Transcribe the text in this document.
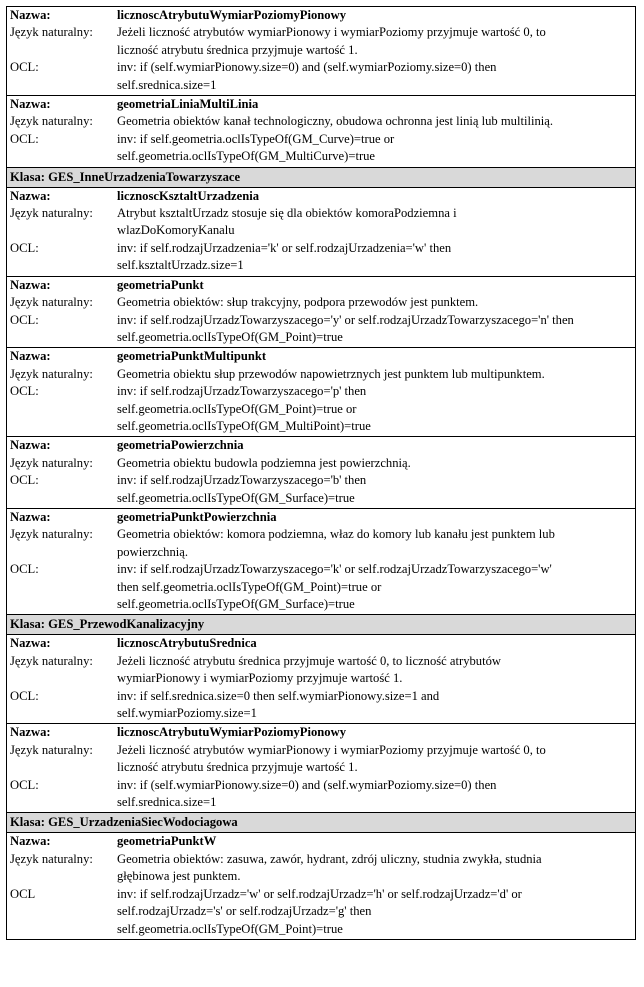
Nazwa:	licznoscAtrybutuWymiarPoziomyPionowy
Język naturalny:	Jeżeli liczność atrybutów wymiarPionowy i wymiarPoziomy przyjmuje wartość 0, to
liczność atrybutu średnica przyjmuje wartość 1.
OCL:	inv: if (self.wymiarPionowy.size=0) and (self.wymiarPoziomy.size=0) then
self.srednica.size=1
Nazwa:	geometriaLiniaMultiLinia
Język naturalny:	Geometria obiektów kanał technologiczny, obudowa ochronna jest linią lub multilinią.
OCL:	inv: if self.geometria.oclIsTypeOf(GM_Curve)=true or
self.geometria.oclIsTypeOf(GM_MultiCurve)=true
Klasa: GES_InneUrzadzeniaTowarzyszace
Nazwa:	licznoscKsztaltUrzadzenia
Język naturalny:	Atrybut ksztaltUrzadz stosuje się dla obiektów komoraPodziemna i
wlazDoKomoryKanalu
OCL:	inv: if self.rodzajUrzadzenia='k' or self.rodzajUrzadzenia='w' then
self.ksztaltUrzadz.size=1
Nazwa:	geometriaPunkt
Język naturalny:	Geometria obiektów: słup trakcyjny, podpora przewodów jest punktem.
OCL:	inv: if self.rodzajUrzadzTowarzyszacego='y' or self.rodzajUrzadzTowarzyszacego='n' then
self.geometria.oclIsTypeOf(GM_Point)=true
Nazwa:	geometriaPunktMultipunkt
Język naturalny:	Geometria obiektu słup przewodów napowietrznych jest punktem lub multipunktem.
OCL:	inv: if self.rodzajUrzadzTowarzyszacego='p' then
self.geometria.oclIsTypeOf(GM_Point)=true or
self.geometria.oclIsTypeOf(GM_MultiPoint)=true
Nazwa:	geometriaPowierzchnia
Język naturalny:	Geometria obiektu budowla podziemna jest powierzchnią.
OCL:	inv: if self.rodzajUrzadzTowarzyszacego='b' then
self.geometria.oclIsTypeOf(GM_Surface)=true
Nazwa:	geometriaPunktPowierzchnia
Język naturalny:	Geometria obiektów: komora podziemna, właz do komory lub kanału jest punktem lub
powierzchnią.
OCL:	inv: if self.rodzajUrzadzTowarzyszacego='k' or self.rodzajUrzadzTowarzyszacego='w'
then self.geometria.oclIsTypeOf(GM_Point)=true or
self.geometria.oclIsTypeOf(GM_Surface)=true
Klasa: GES_PrzewodKanalizacyjny
Nazwa:	licznoscAtrybutuSrednica
Język naturalny:	Jeżeli liczność atrybutu średnica przyjmuje wartość 0, to liczność atrybutów
wymiarPionowy i wymiarPoziomy przyjmuje wartość 1.
OCL:	inv: if self.srednica.size=0 then self.wymiarPionowy.size=1 and
self.wymiarPoziomy.size=1
Nazwa:	licznoscAtrybutuWymiarPoziomyPionowy
Język naturalny:	Jeżeli liczność atrybutów wymiarPionowy i wymiarPoziomy przyjmuje wartość 0, to
liczność atrybutu średnica przyjmuje wartość 1.
OCL:	inv: if (self.wymiarPionowy.size=0) and (self.wymiarPoziomy.size=0) then
self.srednica.size=1
Klasa: GES_UrzadzeniaSiecWodociagowa
Nazwa:	geometriaPunktW
Język naturalny:	Geometria obiektów: zasuwa, zawór, hydrant, zdrój uliczny, studnia zwykła, studnia
głębinowa jest punktem.
OCL	inv: if self.rodzajUrzadz='w' or self.rodzajUrzadz='h' or self.rodzajUrzadz='d' or
self.rodzajUrzadz='s' or self.rodzajUrzadz='g' then
self.geometria.oclIsTypeOf(GM_Point)=true
